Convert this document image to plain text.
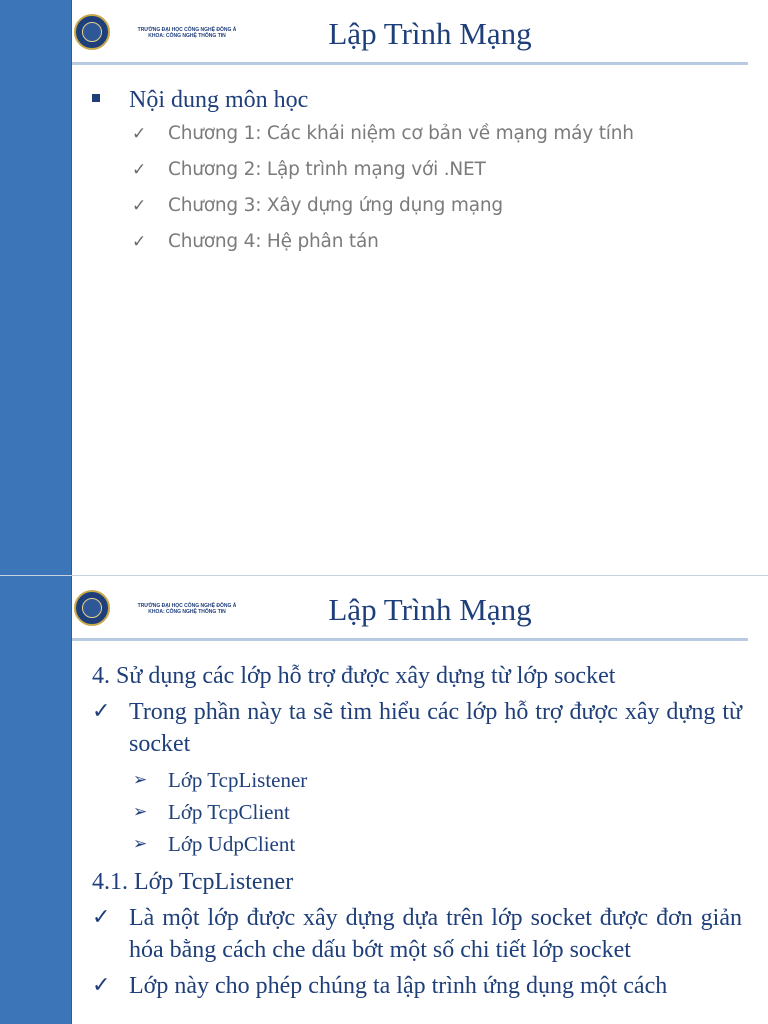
TRƯỜNG ĐẠI HỌC CÔNG NGHỆ ĐÔNG Á
KHOA: CÔNG NGHỆ THÔNG TIN	Lập Trình Mạng
Nội dung môn học
✓ Chương 1: Các khái niệm cơ bản về mạng máy tính
✓ Chương 2: Lập trình mạng với .NET
✓ Chương 3: Xây dựng ứng dụng mạng
✓ Chương 4: Hệ phân tán
TRƯỜNG ĐẠI HỌC CÔNG NGHỆ ĐÔNG Á
KHOA: CÔNG NGHỆ THÔNG TIN	Lập Trình Mạng
4. Sử dụng các lớp hỗ trợ được xây dựng từ lớp socket
✓ Trong phần này ta sẽ tìm hiểu các lớp hỗ trợ được xây dựng từ socket
➢ Lớp TcpListener
➢ Lớp TcpClient
➢ Lớp UdpClient
4.1. Lớp TcpListener
✓ Là một lớp được xây dựng dựa trên lớp socket được đơn giản hóa bằng cách che dấu bớt một số chi tiết lớp socket
✓ Lớp này cho phép chúng ta lập trình ứng dụng một cách
